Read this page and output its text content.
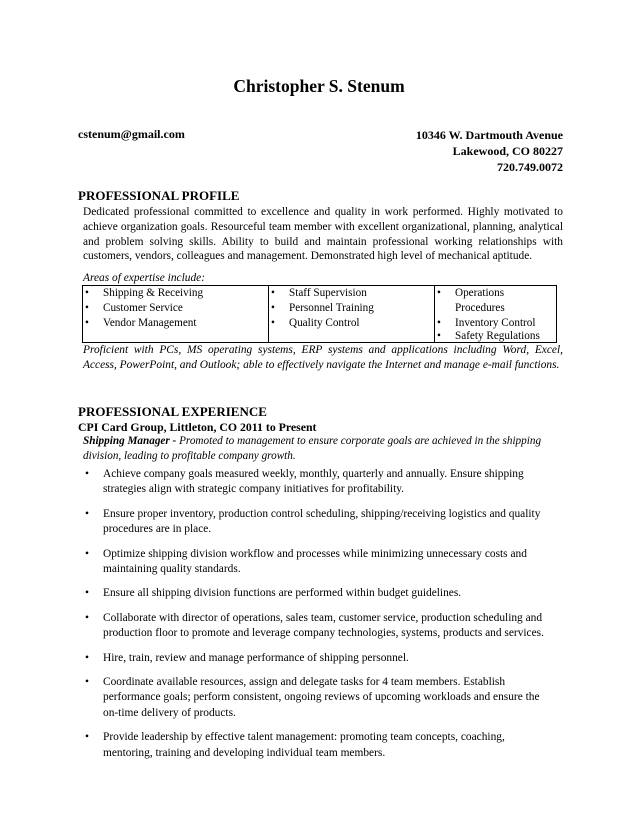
Christopher S. Stenum
cstenum@gmail.com	10346 W. Dartmouth Avenue
Lakewood, CO 80227
720.749.0072
PROFESSIONAL PROFILE
Dedicated professional committed to excellence and quality in work performed. Highly motivated to achieve organization goals. Resourceful team member with excellent organizational, planning, analytical and problem solving skills. Ability to build and maintain professional working relationships with customers, vendors, colleagues and management. Demonstrated high level of mechanical aptitude.
Areas of expertise include:
• Shipping & Receiving
• Customer Service
• Vendor Management
• Staff Supervision
• Personnel Training
• Quality Control
• Operations
Procedures
• Inventory Control
• Safety Regulations
Proficient with PCs, MS operating systems, ERP systems and applications including Word, Excel, Access, PowerPoint, and Outlook; able to effectively navigate the Internet and manage e-mail functions.
PROFESSIONAL EXPERIENCE
CPI Card Group, Littleton, CO 2011 to Present
Shipping Manager - Promoted to management to ensure corporate goals are achieved in the shipping division, leading to profitable company growth.
• Achieve company goals measured weekly, monthly, quarterly and annually. Ensure shipping strategies align with strategic company initiatives for profitability.
• Ensure proper inventory, production control scheduling, shipping/receiving logistics and quality procedures are in place.
• Optimize shipping division workflow and processes while minimizing unnecessary costs and maintaining quality standards.
• Ensure all shipping division functions are performed within budget guidelines.
• Collaborate with director of operations, sales team, customer service, production scheduling and production floor to promote and leverage company technologies, systems, products and services.
• Hire, train, review and manage performance of shipping personnel.
• Coordinate available resources, assign and delegate tasks for 4 team members. Establish performance goals; perform consistent, ongoing reviews of upcoming workloads and ensure the on-time delivery of products.
• Provide leadership by effective talent management: promoting team concepts, coaching, mentoring, training and developing individual team members.
